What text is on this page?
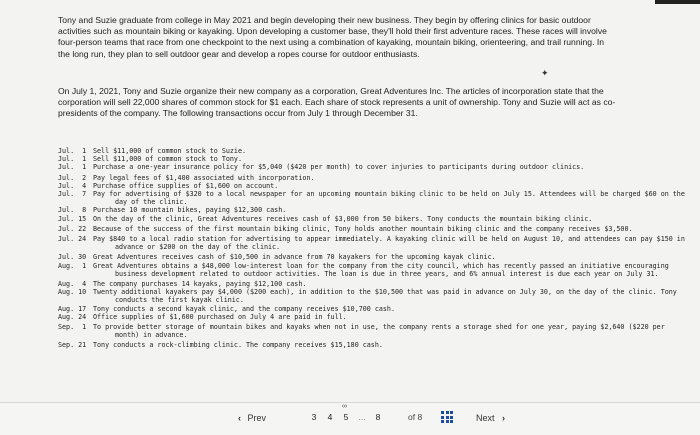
Tony and Suzie graduate from college in May 2021 and begin developing their new business. They begin by offering clinics for basic outdoor activities such as mountain biking or kayaking. Upon developing a customer base, they'll hold their first adventure races. These races will involve four-person teams that race from one checkpoint to the next using a combination of kayaking, mountain biking, orienteering, and trail running. In the long run, they plan to sell outdoor gear and develop a ropes course for outdoor enthusiasts.
On July 1, 2021, Tony and Suzie organize their new company as a corporation, Great Adventures Inc. The articles of incorporation state that the corporation will sell 22,000 shares of common stock for $1 each. Each share of stock represents a unit of ownership. Tony and Suzie will act as co-presidents of the company. The following transactions occur from July 1 through December 31.
✦
Jul.  1	Sell $11,000 of common stock to Suzie.
Jul.  1	Sell $11,000 of common stock to Tony.
Jul.  1	Purchase a one-year insurance policy for $5,040 ($420 per month) to cover injuries to participants during outdoor clinics.
Jul.  2	Pay legal fees of $1,400 associated with incorporation.
Jul.  4	Purchase office supplies of $1,600 on account.
Jul.  7	Pay for advertising of $320 to a local newspaper for an upcoming mountain biking clinic to be held on July 15. Attendees will be charged $60 on the day of the clinic.
Jul.  8	Purchase 10 mountain bikes, paying $12,300 cash.
Jul. 15	On the day of the clinic, Great Adventures receives cash of $3,000 from 50 bikers. Tony conducts the mountain biking clinic.
Jul. 22	Because of the success of the first mountain biking clinic, Tony holds another mountain biking clinic and the company receives $3,500.
Jul. 24	Pay $840 to a local radio station for advertising to appear immediately. A kayaking clinic will be held on August 10, and attendees can pay $150 in advance or $200 on the day of the clinic.
Jul. 30	Great Adventures receives cash of $10,500 in advance from 70 kayakers for the upcoming kayak clinic.
Aug.  1	Great Adventures obtains a $48,000 low-interest loan for the company from the city council, which has recently passed an initiative encouraging business development related to outdoor activities. The loan is due in three years, and 6% annual interest is due each year on July 31.
Aug.  4	The company purchases 14 kayaks, paying $12,100 cash.
Aug. 10	Twenty additional kayakers pay $4,000 ($200 each), in addition to the $10,500 that was paid in advance on July 30, on the day of the clinic. Tony conducts the first kayak clinic.
Aug. 17	Tony conducts a second kayak clinic, and the company receives $10,700 cash.
Aug. 24	Office supplies of $1,600 purchased on July 4 are paid in full.
Sep.  1	To provide better storage of mountain bikes and kayaks when not in use, the company rents a storage shed for one year, paying $2,640 ($220 per month) in advance.
Sep. 21	Tony conducts a rock-climbing clinic. The company receives $15,180 cash.
‹ Prev	3 4 5
∞
... 8	of 8	Next ›
